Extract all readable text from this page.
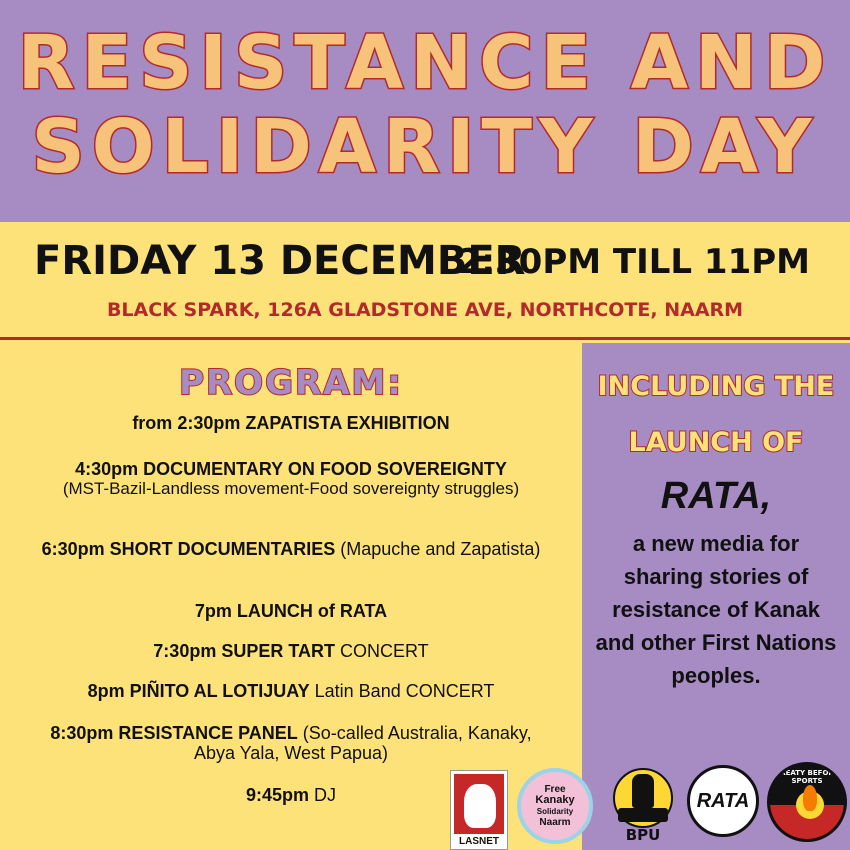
RESISTANCE AND
SOLIDARITY DAY
FRIDAY 13 DECEMBER
2:30PM TILL 11PM
BLACK SPARK, 126A GLADSTONE AVE, NORTHCOTE, NAARM
PROGRAM:
from 2:30pm ZAPATISTA EXHIBITION
4:30pm DOCUMENTARY ON FOOD SOVEREIGNTY
(MST-Bazil-Landless movement-Food sovereignty struggles)
6:30pm SHORT DOCUMENTARIES (Mapuche and Zapatista)
7pm LAUNCH of RATA
7:30pm SUPER TART CONCERT
8pm PIÑITO AL LOTIJUAY Latin Band CONCERT
8:30pm RESISTANCE PANEL (So-called Australia, Kanaky, Abya Yala, West Papua)
9:45pm DJ
INCLUDING THE
LAUNCH OF
RATA,
a new media for sharing stories of resistance of Kanak and other First Nations peoples.
LASNET
Free
Kanaky
Solidarity
Naarm
BPU
RATA
TREATY BEFORE SPORTS
